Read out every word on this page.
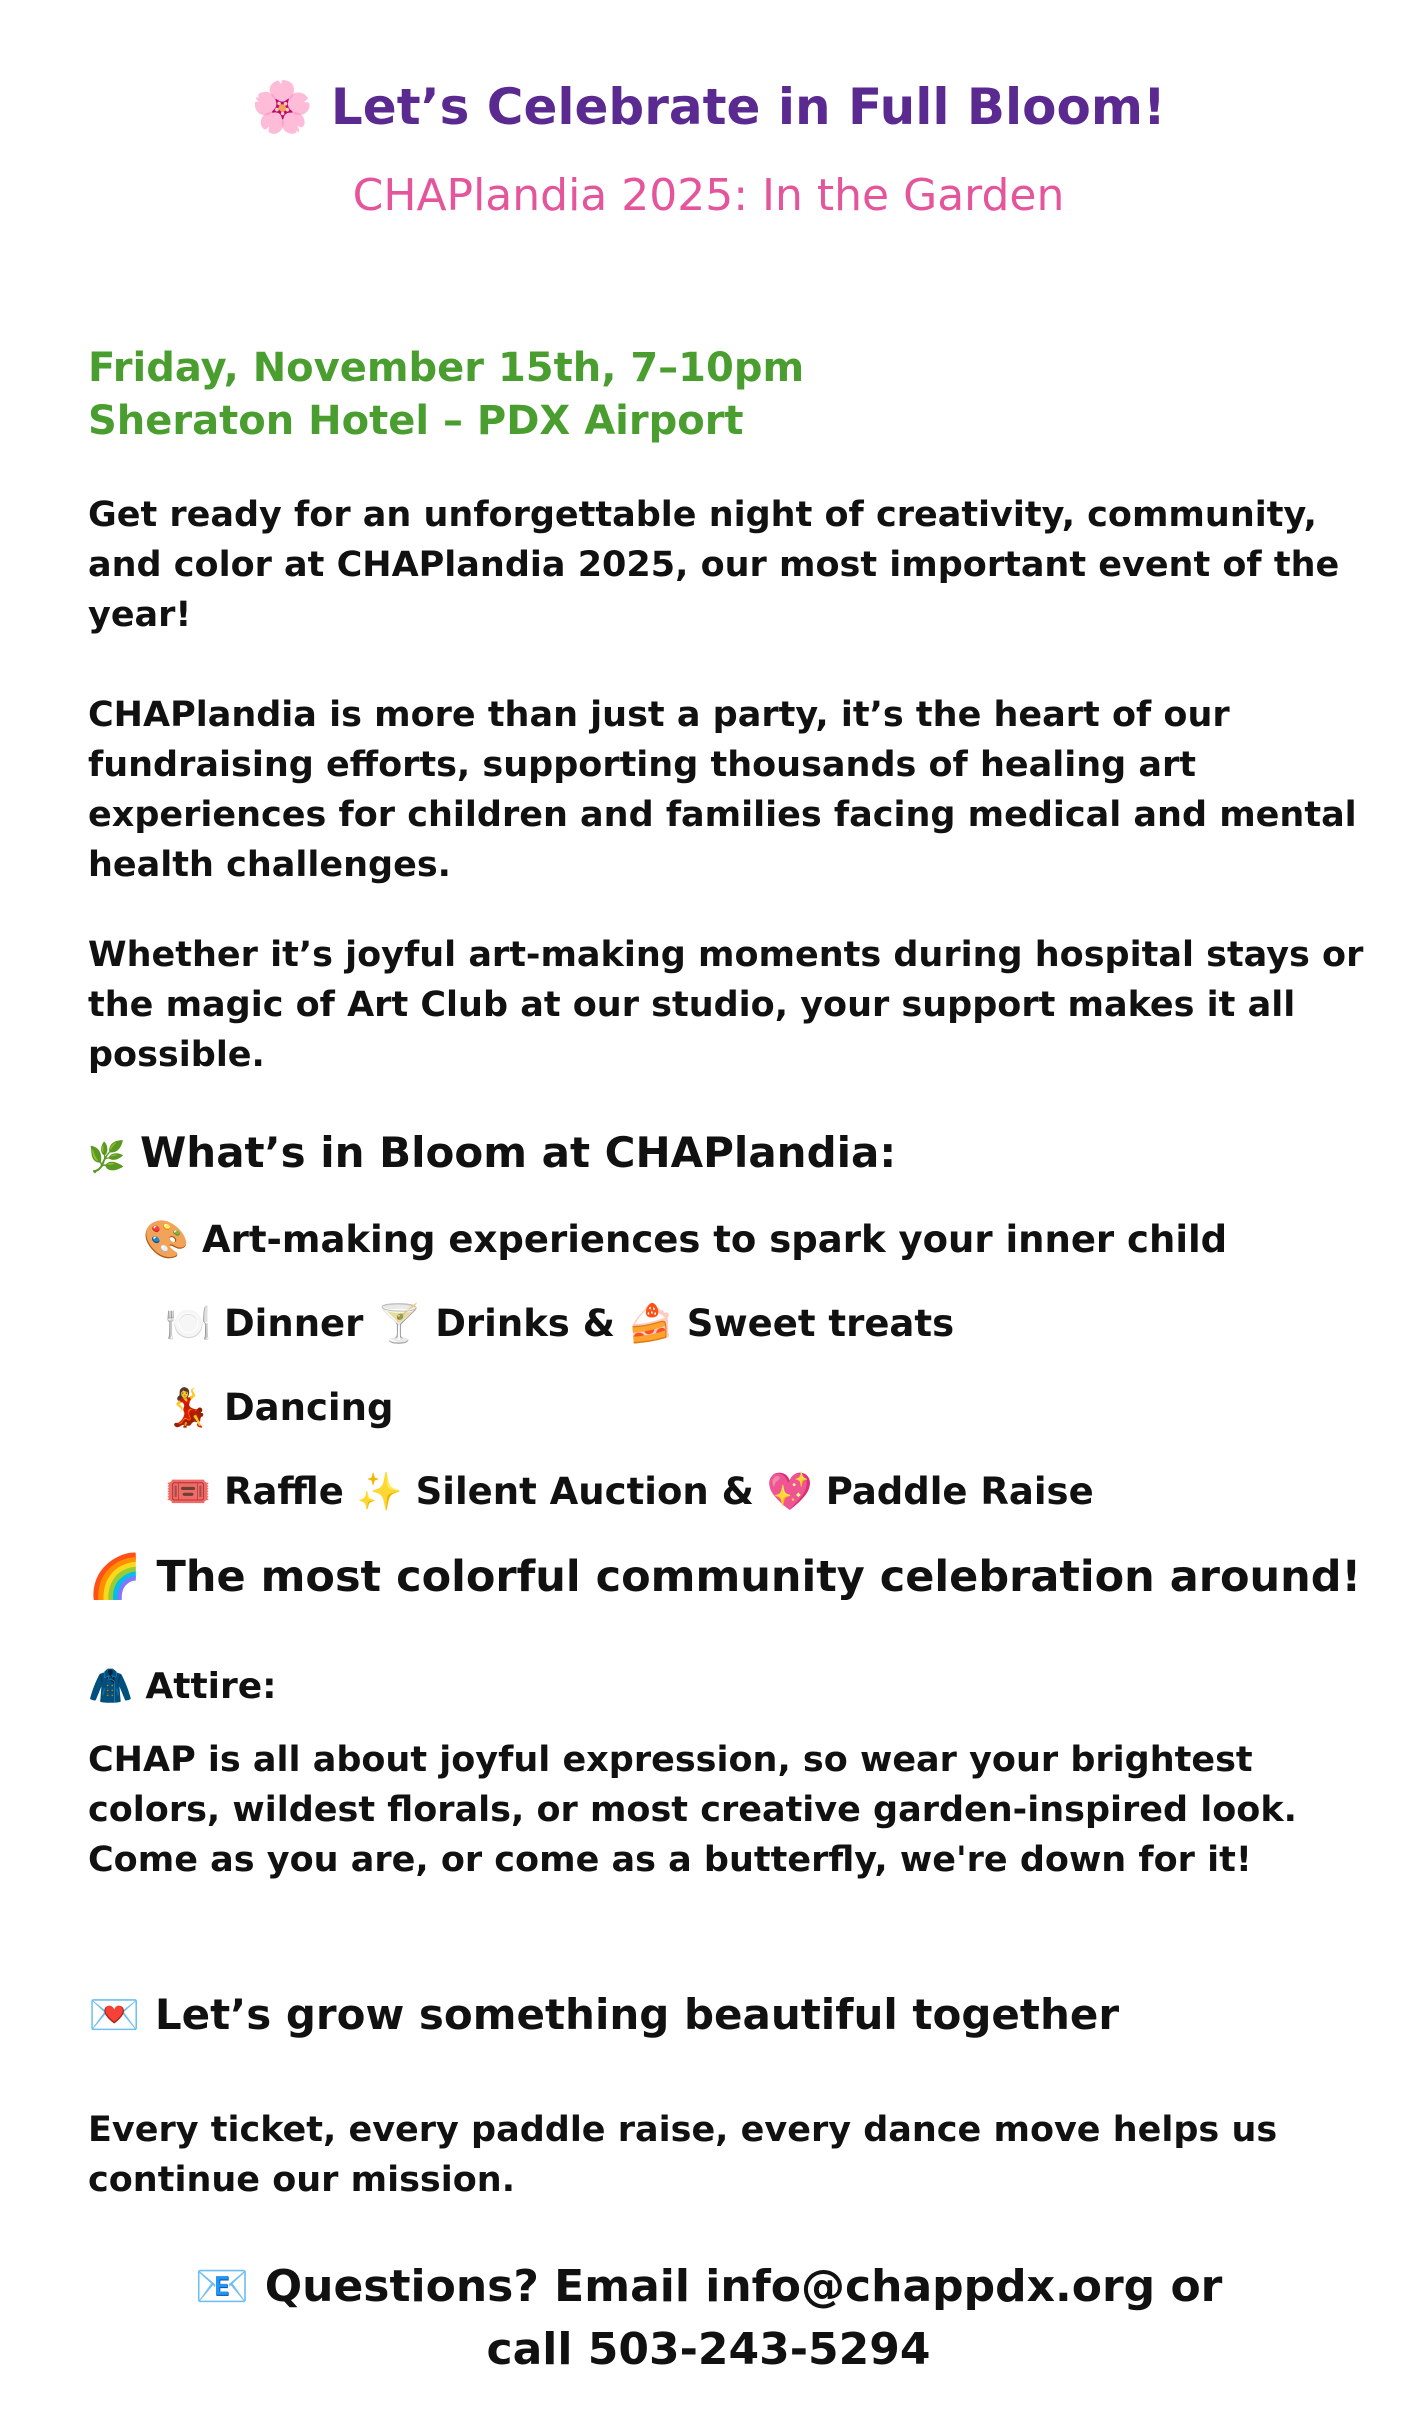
🌸 Let’s Celebrate in Full Bloom!
CHAPlandia 2025: In the Garden
Friday, November 15th, 7–10pm
Sheraton Hotel – PDX Airport
Get ready for an unforgettable night of creativity, community, and color at CHAPlandia 2025, our most important event of the year!
CHAPlandia is more than just a party, it’s the heart of our fundraising efforts, supporting thousands of healing art experiences for children and families facing medical and mental health challenges.
Whether it’s joyful art-making moments during hospital stays or the magic of Art Club at our studio, your support makes it all possible.
🌿 What’s in Bloom at CHAPlandia:
🎨 Art-making experiences to spark your inner child
🍽️ Dinner 🍸 Drinks & 🍰 Sweet treats
💃 Dancing
🎟️ Raffle ✨ Silent Auction & 💖 Paddle Raise
🌈 The most colorful community celebration around!
🧥 Attire:
CHAP is all about joyful expression, so wear your brightest colors, wildest florals, or most creative garden-inspired look. Come as you are, or come as a butterfly, we're down for it!
💌 Let’s grow something beautiful together
Every ticket, every paddle raise, every dance move helps us continue our mission.
📧 Questions? Email info@chappdx.org or
call 503-243-5294
